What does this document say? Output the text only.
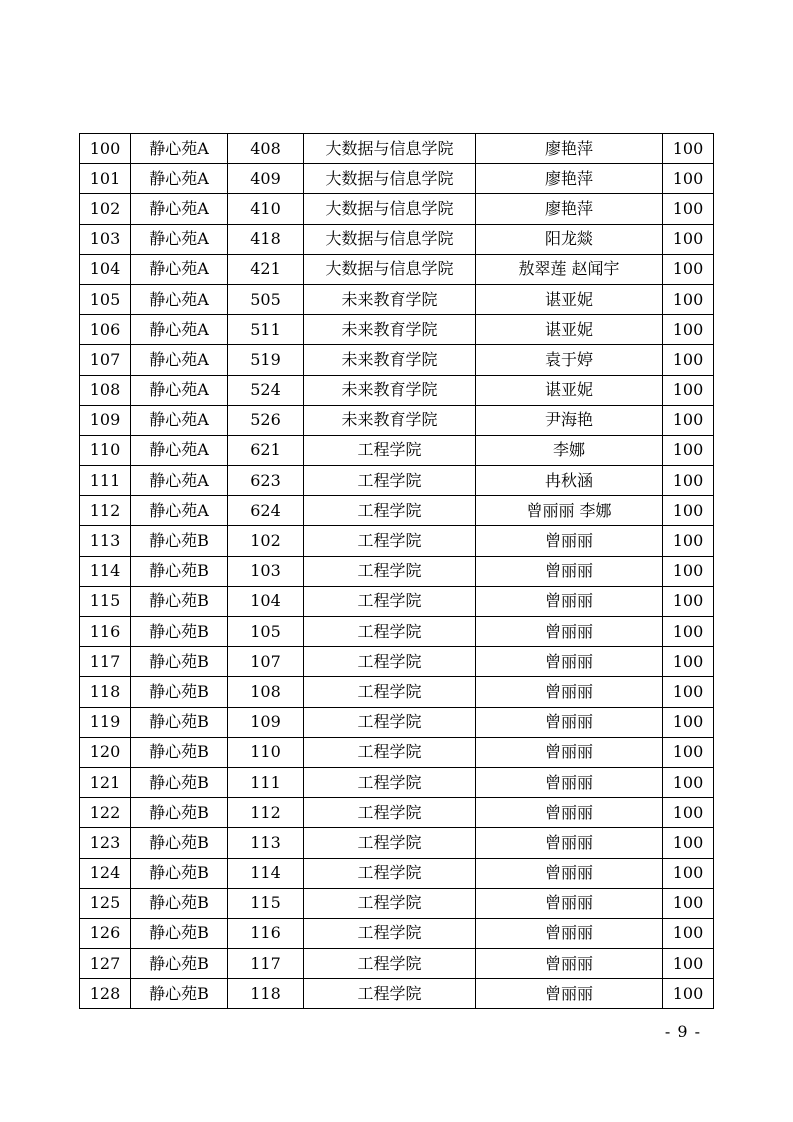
100	静心苑A	408	大数据与信息学院	廖艳萍	100
101	静心苑A	409	大数据与信息学院	廖艳萍	100
102	静心苑A	410	大数据与信息学院	廖艳萍	100
103	静心苑A	418	大数据与信息学院	阳龙燚	100
104	静心苑A	421	大数据与信息学院	敖翠莲 赵闻宇	100
105	静心苑A	505	未来教育学院	谌亚妮	100
106	静心苑A	511	未来教育学院	谌亚妮	100
107	静心苑A	519	未来教育学院	袁于婷	100
108	静心苑A	524	未来教育学院	谌亚妮	100
109	静心苑A	526	未来教育学院	尹海艳	100
110	静心苑A	621	工程学院	李娜	100
111	静心苑A	623	工程学院	冉秋涵	100
112	静心苑A	624	工程学院	曾丽丽 李娜	100
113	静心苑B	102	工程学院	曾丽丽	100
114	静心苑B	103	工程学院	曾丽丽	100
115	静心苑B	104	工程学院	曾丽丽	100
116	静心苑B	105	工程学院	曾丽丽	100
117	静心苑B	107	工程学院	曾丽丽	100
118	静心苑B	108	工程学院	曾丽丽	100
119	静心苑B	109	工程学院	曾丽丽	100
120	静心苑B	110	工程学院	曾丽丽	100
121	静心苑B	111	工程学院	曾丽丽	100
122	静心苑B	112	工程学院	曾丽丽	100
123	静心苑B	113	工程学院	曾丽丽	100
124	静心苑B	114	工程学院	曾丽丽	100
125	静心苑B	115	工程学院	曾丽丽	100
126	静心苑B	116	工程学院	曾丽丽	100
127	静心苑B	117	工程学院	曾丽丽	100
128	静心苑B	118	工程学院	曾丽丽	100
- 9 -
